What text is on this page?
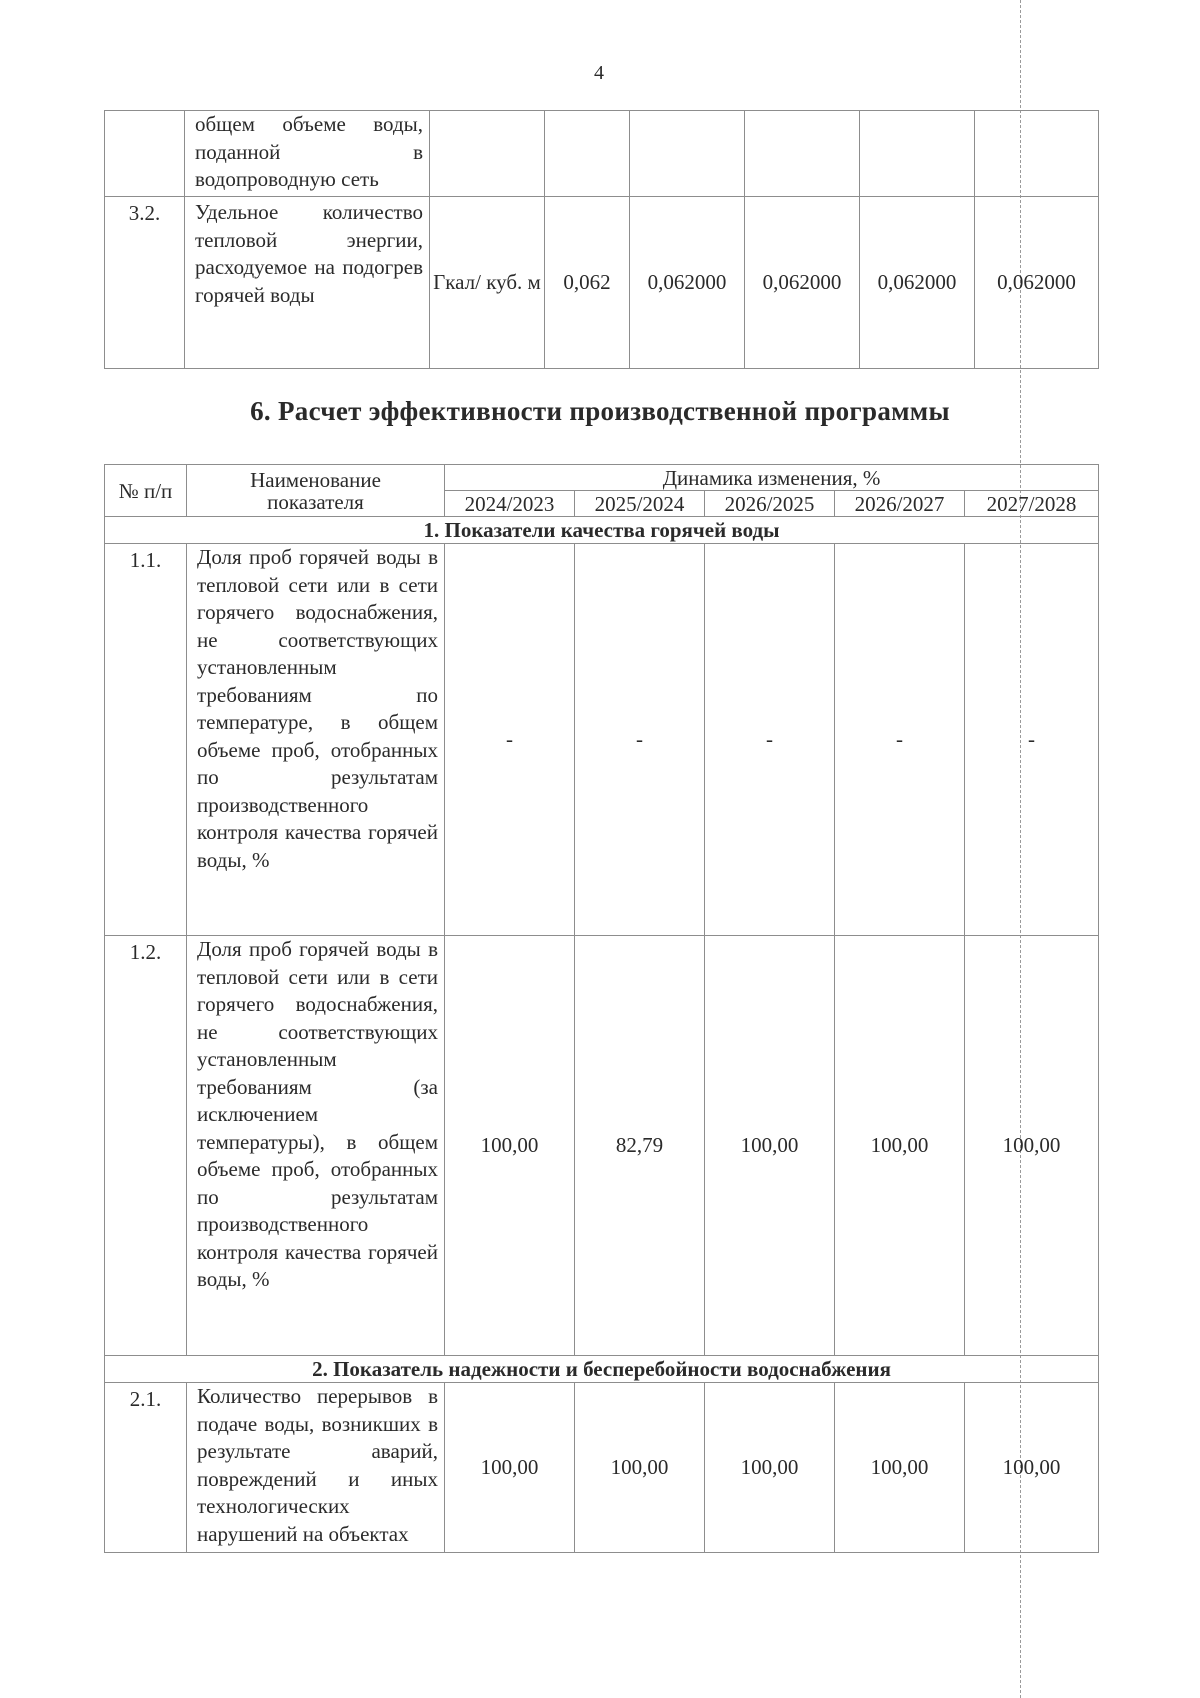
4
	общем объеме воды, поданной в водопроводную сеть						
3.2.	Удельное количество тепловой энергии, расходуемое на подогрев горячей воды	Гкал/ куб. м	0,062	0,062000	0,062000	0,062000	0,062000
6. Расчет эффективности производственной программы
№ п/п	Наименование показателя	Динамика изменения, %				
		2024/2023	2025/2024	2026/2025	2026/2027	2027/2028
1. Показатели качества горячей воды						
1.1.	Доля проб горячей воды в тепловой сети или в сети горячего водоснабжения, не соответствующих установленным требованиям по температуре, в общем объеме проб, отобранных по результатам производственного контроля качества горячей воды, %	-	-	-	-	-
1.2.	Доля проб горячей воды в тепловой сети или в сети горячего водоснабжения, не соответствующих установленным требованиям (за исключением температуры), в общем объеме проб, отобранных по результатам производственного контроля качества горячей воды, %	100,00	82,79	100,00	100,00	100,00
2. Показатель надежности и бесперебойности водоснабжения						
2.1.	Количество перерывов в подаче воды, возникших в результате аварий, повреждений и иных технологических нарушений на объектах	100,00	100,00	100,00	100,00	100,00
